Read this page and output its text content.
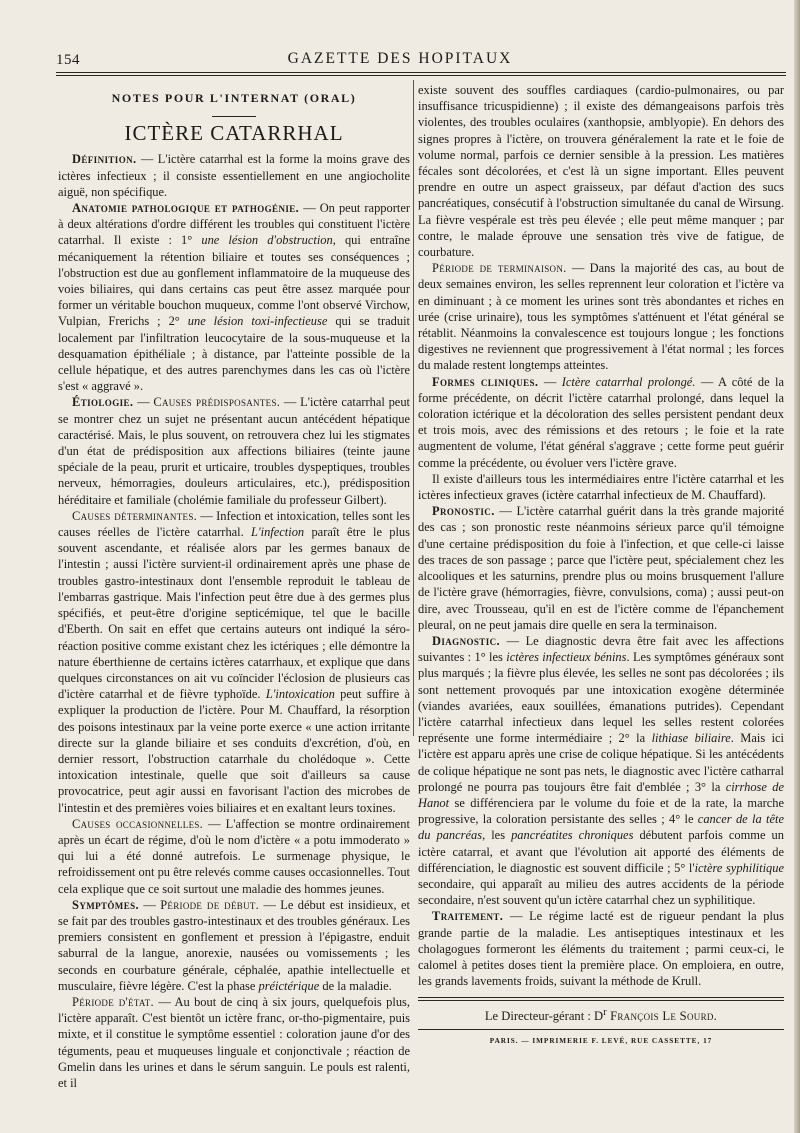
154	GAZETTE DES HOPITAUX
NOTES POUR L'INTERNAT (ORAL)
ICTÈRE CATARRHAL

Définition. — L'ictère catarrhal est la forme la moins grave des ictères infectieux ; il consiste essentiellement en une angiocholite aiguë, non spécifique.

Anatomie pathologique et pathogénie. — On peut rapporter à deux altérations d'ordre différent les troubles qui constituent l'ictère catarrhal. Il existe : 1° une lésion d'obstruction, qui entraîne mécaniquement la rétention biliaire et toutes ses conséquences ; l'obstruction est due au gonflement inflammatoire de la muqueuse des voies biliaires, qui dans certains cas peut être assez marquée pour former un véritable bouchon muqueux, comme l'ont observé Virchow, Vulpian, Frerichs ; 2° une lésion toxi-infectieuse qui se traduit localement par l'infiltration leucocytaire de la sous-muqueuse et la desquamation épithéliale ; à distance, par l'atteinte possible de la cellule hépatique, et des autres parenchymes dans les cas où l'ictère s'est « aggravé ».

Étiologie. — Causes prédisposantes. — L'ictère catarrhal peut se montrer chez un sujet ne présentant aucun antécédent hépatique caractérisé. Mais, le plus souvent, on retrouvera chez lui les stigmates d'un état de prédisposition aux affections biliaires (teinte jaune spéciale de la peau, prurit et urticaire, troubles dyspeptiques, troubles nerveux, hémorragies, douleurs articulaires, etc.), prédisposition héréditaire et familiale (cholémie familiale du professeur Gilbert).

Causes déterminantes. — Infection et intoxication, telles sont les causes réelles de l'ictère catarrhal. L'infection paraît être le plus souvent ascendante, et réalisée alors par les germes banaux de l'intestin ; aussi l'ictère survient-il ordinairement après une phase de troubles gastro-intestinaux dont l'ensemble reproduit le tableau de l'embarras gastrique. Mais l'infection peut être due à des germes plus spécifiés, et peut-être d'origine septicémique, tel que le bacille d'Eberth. On sait en effet que certains auteurs ont indiqué la séro-réaction positive comme existant chez les ictériques ; elle démontre la nature éberthienne de certains ictères catarrhaux, et explique que dans quelques circonstances on ait vu coïncider l'éclosion de plusieurs cas d'ictère catarrhal et de fièvre typhoïde. L'intoxication peut suffire à expliquer la production de l'ictère. Pour M. Chauffard, la résorption des poisons intestinaux par la veine porte exerce « une action irritante directe sur la glande biliaire et ses conduits d'excrétion, d'où, en dernier ressort, l'obstruction catarrhale du cholédoque ». Cette intoxication intestinale, quelle que soit d'ailleurs sa cause provocatrice, peut agir aussi en favorisant l'action des microbes de l'intestin et des premières voies biliaires et en exaltant leurs toxines.

Causes occasionnelles. — L'affection se montre ordinairement après un écart de régime, d'où le nom d'ictère « a potu immoderato » qui lui a été donné autrefois. Le surmenage physique, le refroidissement ont pu être relevés comme causes occasionnelles. Tout cela explique que ce soit surtout une maladie des hommes jeunes.

Symptômes. — Période de début. — Le début est insidieux, et se fait par des troubles gastro-intestinaux et des troubles généraux. Les premiers consistent en gonflement et pression à l'épigastre, enduit saburral de la langue, anorexie, nausées ou vomissements ; les seconds en courbature générale, céphalée, apathie intellectuelle et musculaire, fièvre légère. C'est la phase préictérique de la maladie.

Période d'état. — Au bout de cinq à six jours, quelquefois plus, l'ictère apparaît. C'est bientôt un ictère franc, or-tho-pigmentaire, puis mixte, et il constitue le symptôme essentiel : coloration jaune d'or des téguments, peau et muqueuses linguale et conjonctivale ; réaction de Gmelin dans les urines et dans le sérum sanguin. Le pouls est ralenti, et il

existe souvent des souffles cardiaques (cardio-pulmonaires, ou par insuffisance tricuspidienne) ; il existe des démangeaisons parfois très violentes, des troubles oculaires (xanthopsie, amblyopie). En dehors des signes propres à l'ictère, on trouvera généralement la rate et le foie de volume normal, parfois ce dernier sensible à la pression. Les matières fécales sont décolorées, et c'est là un signe important. Elles peuvent prendre en outre un aspect graisseux, par défaut d'action des sucs pancréatiques, consécutif à l'obstruction simultanée du canal de Wirsung. La fièvre vespérale est très peu élevée ; elle peut même manquer ; par contre, le malade éprouve une sensation très vive de fatigue, de courbature.

Période de terminaison. — Dans la majorité des cas, au bout de deux semaines environ, les selles reprennent leur coloration et l'ictère va en diminuant ; à ce moment les urines sont très abondantes et riches en urée (crise urinaire), tous les symptômes s'atténuent et l'état général se rétablit. Néanmoins la convalescence est toujours longue ; les fonctions digestives ne reviennent que progressivement à l'état normal ; les forces du malade restent longtemps atteintes.

Formes cliniques. — Ictère catarrhal prolongé. — A côté de la forme précédente, on décrit l'ictère catarrhal prolongé, dans lequel la coloration ictérique et la décoloration des selles persistent pendant deux et trois mois, avec des rémissions et des retours ; le foie et la rate augmentent de volume, l'état général s'aggrave ; cette forme peut guérir comme la précédente, ou évoluer vers l'ictère grave.

Il existe d'ailleurs tous les intermédiaires entre l'ictère catarrhal et les ictères infectieux graves (ictère catarrhal infectieux de M. Chauffard).

Pronostic. — L'ictère catarrhal guérit dans la très grande majorité des cas ; son pronostic reste néanmoins sérieux parce qu'il témoigne d'une certaine prédisposition du foie à l'infection, et que celle-ci laisse des traces de son passage ; parce que l'ictère peut, spécialement chez les alcooliques et les saturnins, prendre plus ou moins brusquement l'allure de l'ictère grave (hémorragies, fièvre, convulsions, coma) ; aussi peut-on dire, avec Trousseau, qu'il en est de l'ictère comme de l'épanchement pleural, on ne peut jamais dire quelle en sera la terminaison.

Diagnostic. — Le diagnostic devra être fait avec les affections suivantes : 1° les ictères infectieux bénins. Les symptômes généraux sont plus marqués ; la fièvre plus élevée, les selles ne sont pas décolorées ; ils sont nettement provoqués par une intoxication exogène déterminée (viandes avariées, eaux souillées, émanations putrides). Cependant l'ictère catarrhal infectieux dans lequel les selles restent colorées représente une forme intermédiaire ; 2° la lithiase biliaire. Mais ici l'ictère est apparu après une crise de colique hépatique. Si les antécédents de colique hépatique ne sont pas nets, le diagnostic avec l'ictère catharral prolongé ne pourra pas toujours être fait d'emblée ; 3° la cirrhose de Hanot se différenciera par le volume du foie et de la rate, la marche progressive, la coloration persistante des selles ; 4° le cancer de la tête du pancréas, les pancréatites chroniques débutent parfois comme un ictère catarral, et avant que l'évolution ait apporté des éléments de différenciation, le diagnostic est souvent difficile ; 5° l'ictère syphilitique secondaire, qui apparaît au milieu des autres accidents de la période secondaire, n'est souvent qu'un ictère catarrhal chez un syphilitique.

Traitement. — Le régime lacté est de rigueur pendant la plus grande partie de la maladie. Les antiseptiques intestinaux et les cholagogues formeront les éléments du traitement ; parmi ceux-ci, le calomel à petites doses tient la première place. On emploiera, en outre, les grands lavements froids, suivant la méthode de Krull.

Le Directeur-gérant : $D^r$ François Le Sourd.
PARIS. — IMPRIMERIE F. LEVÉ, RUE CASSETTE, 17
